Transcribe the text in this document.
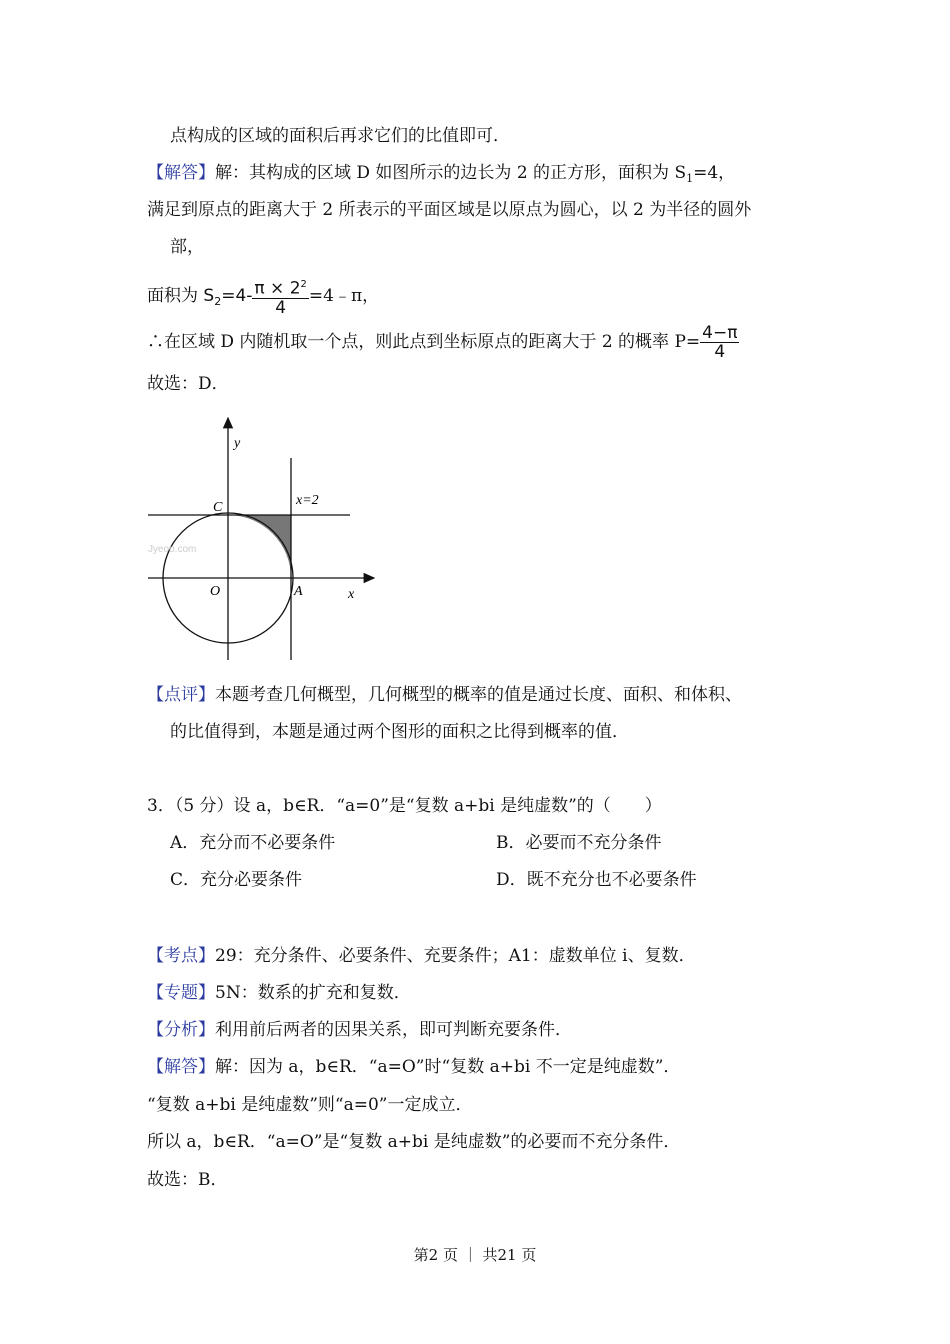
点构成的区域的面积后再求它们的比值即可．
【解答】解：其构成的区域 D 如图所示的边长为 2 的正方形，面积为 $S_1=4$，
满足到原点的距离大于 2 所表示的平面区域是以原点为圆心，以 2 为半径的圆外
部，
面积为 $S_2=4- \frac{\pi \times 2^2}{4}$ =4﹣π，
∴在区域 D 内随机取一个点，则此点到坐标原点的距离大于 2 的概率 $P= \frac{4-\pi}{4}$
故选：D．
Jyeoo.com
y
x
C
O	A
x=2
【点评】本题考查几何概型，几何概型的概率的值是通过长度、面积、和体积、
的比值得到，本题是通过两个图形的面积之比得到概率的值．
3．（5 分）设 a，b∈R．“a=0”是“复数 a+bi 是纯虚数”的（　　）
A．充分而不必要条件	B．必要而不充分条件
C．充分必要条件	D．既不充分也不必要条件
【考点】29：充分条件、必要条件、充要条件；A1：虚数单位 i、复数．
【专题】5N：数系的扩充和复数．
【分析】利用前后两者的因果关系，即可判断充要条件．
【解答】解：因为 a，b∈R．“a=O”时“复数 a+bi 不一定是纯虚数”．
“复数 a+bi 是纯虚数”则“a=0”一定成立．
所以 a，b∈R．“a=O”是“复数 a+bi 是纯虚数”的必要而不充分条件．
故选：B．
第2 页 ｜ 共21 页
